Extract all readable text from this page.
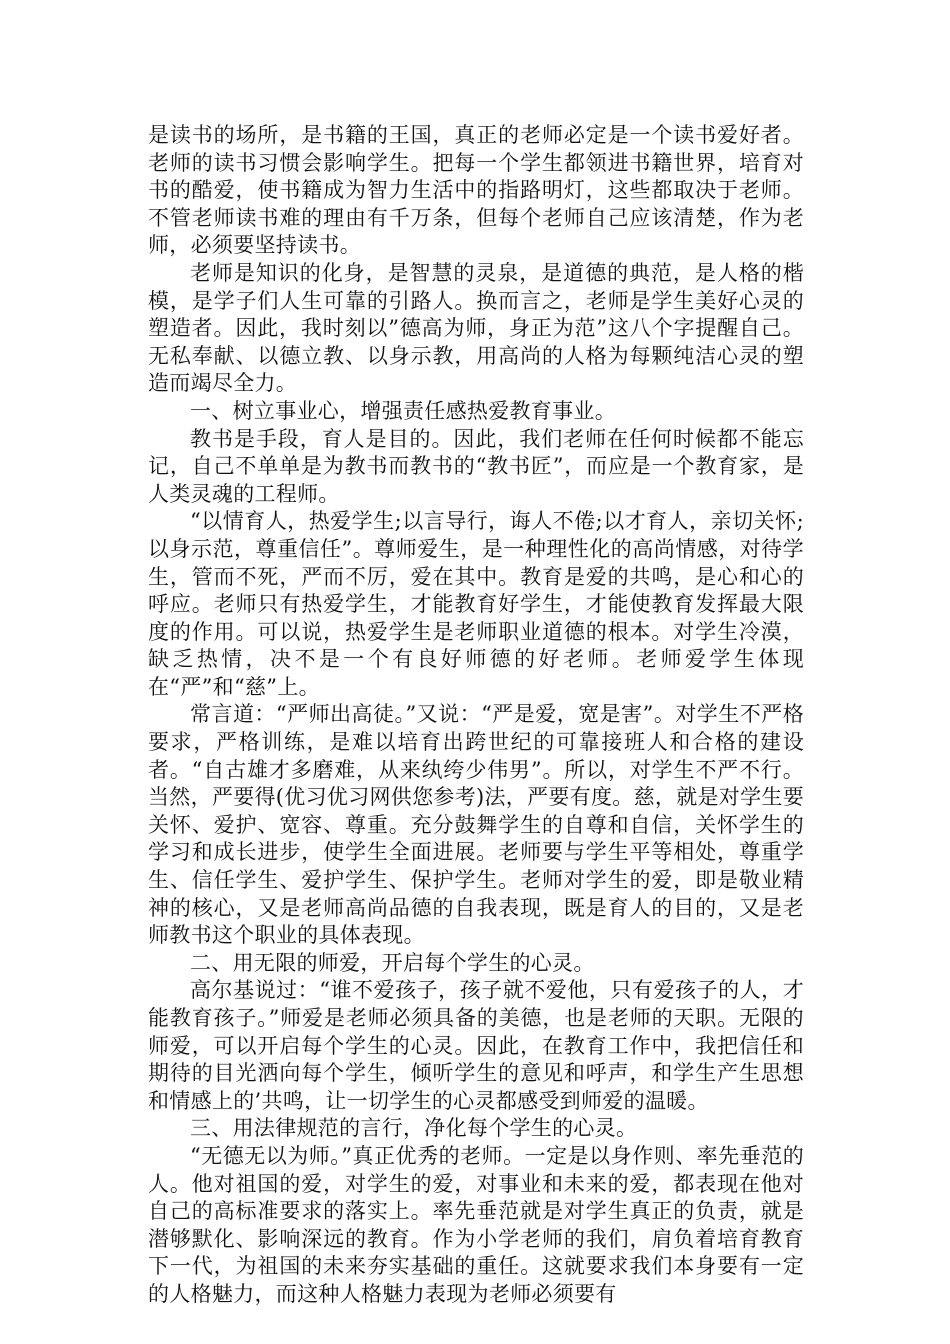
是读书的场所，是书籍的王国，真正的老师必定是一个读书爱好者。老师的读书习惯会影响学生。把每一个学生都领进书籍世界，培育对书的酷爱，使书籍成为智力生活中的指路明灯，这些都取决于老师。不管老师读书难的理由有千万条，但每个老师自己应该清楚，作为老师，必须要坚持读书。

老师是知识的化身，是智慧的灵泉，是道德的典范，是人格的楷模，是学子们人生可靠的引路人。换而言之，老师是学生美好心灵的塑造者。因此，我时刻以”德高为师，身正为范”这八个字提醒自己。无私奉献、以德立教、以身示教，用高尚的人格为每颗纯洁心灵的塑造而竭尽全力。

一、树立事业心，增强责任感热爱教育事业。

教书是手段，育人是目的。因此，我们老师在任何时候都不能忘记，自己不单单是为教书而教书的“教书匠”，而应是一个教育家，是人类灵魂的工程师。

“以情育人，热爱学生;以言导行，诲人不倦;以才育人，亲切关怀;以身示范，尊重信任”。尊师爱生，是一种理性化的高尚情感，对待学生，管而不死，严而不厉，爱在其中。教育是爱的共鸣，是心和心的呼应。老师只有热爱学生，才能教育好学生，才能使教育发挥最大限度的作用。可以说，热爱学生是老师职业道德的根本。对学生冷漠，缺乏热情，决不是一个有良好师德的好老师。老师爱学生体现在“严”和“慈”上。

常言道：“严师出高徒。”又说：“严是爱，宽是害”。对学生不严格要求，严格训练，是难以培育出跨世纪的可靠接班人和合格的建设者。“自古雄才多磨难，从来纨绔少伟男”。所以，对学生不严不行。当然，严要得(优习优习网供您参考)法，严要有度。慈，就是对学生要关怀、爱护、宽容、尊重。充分鼓舞学生的自尊和自信，关怀学生的学习和成长进步，使学生全面进展。老师要与学生平等相处，尊重学生、信任学生、爱护学生、保护学生。老师对学生的爱，即是敬业精神的核心，又是老师高尚品德的自我表现，既是育人的目的，又是老师教书这个职业的具体表现。

二、用无限的师爱，开启每个学生的心灵。

高尔基说过：“谁不爱孩子，孩子就不爱他，只有爱孩子的人，才能教育孩子。”师爱是老师必须具备的美德，也是老师的天职。无限的师爱，可以开启每个学生的心灵。因此，在教育工作中，我把信任和期待的目光洒向每个学生，倾听学生的意见和呼声，和学生产生思想和情感上的’共鸣，让一切学生的心灵都感受到师爱的温暖。

三、用法律规范的言行，净化每个学生的心灵。

“无德无以为师。”真正优秀的老师。一定是以身作则、率先垂范的人。他对祖国的爱，对学生的爱，对事业和未来的爱，都表现在他对自己的高标准要求的落实上。率先垂范就是对学生真正的负责，就是潜够默化、影响深远的教育。作为小学老师的我们，肩负着培育教育下一代，为祖国的未来夯实基础的重任。这就要求我们本身要有一定的人格魅力，而这种人格魅力表现为老师必须要有
